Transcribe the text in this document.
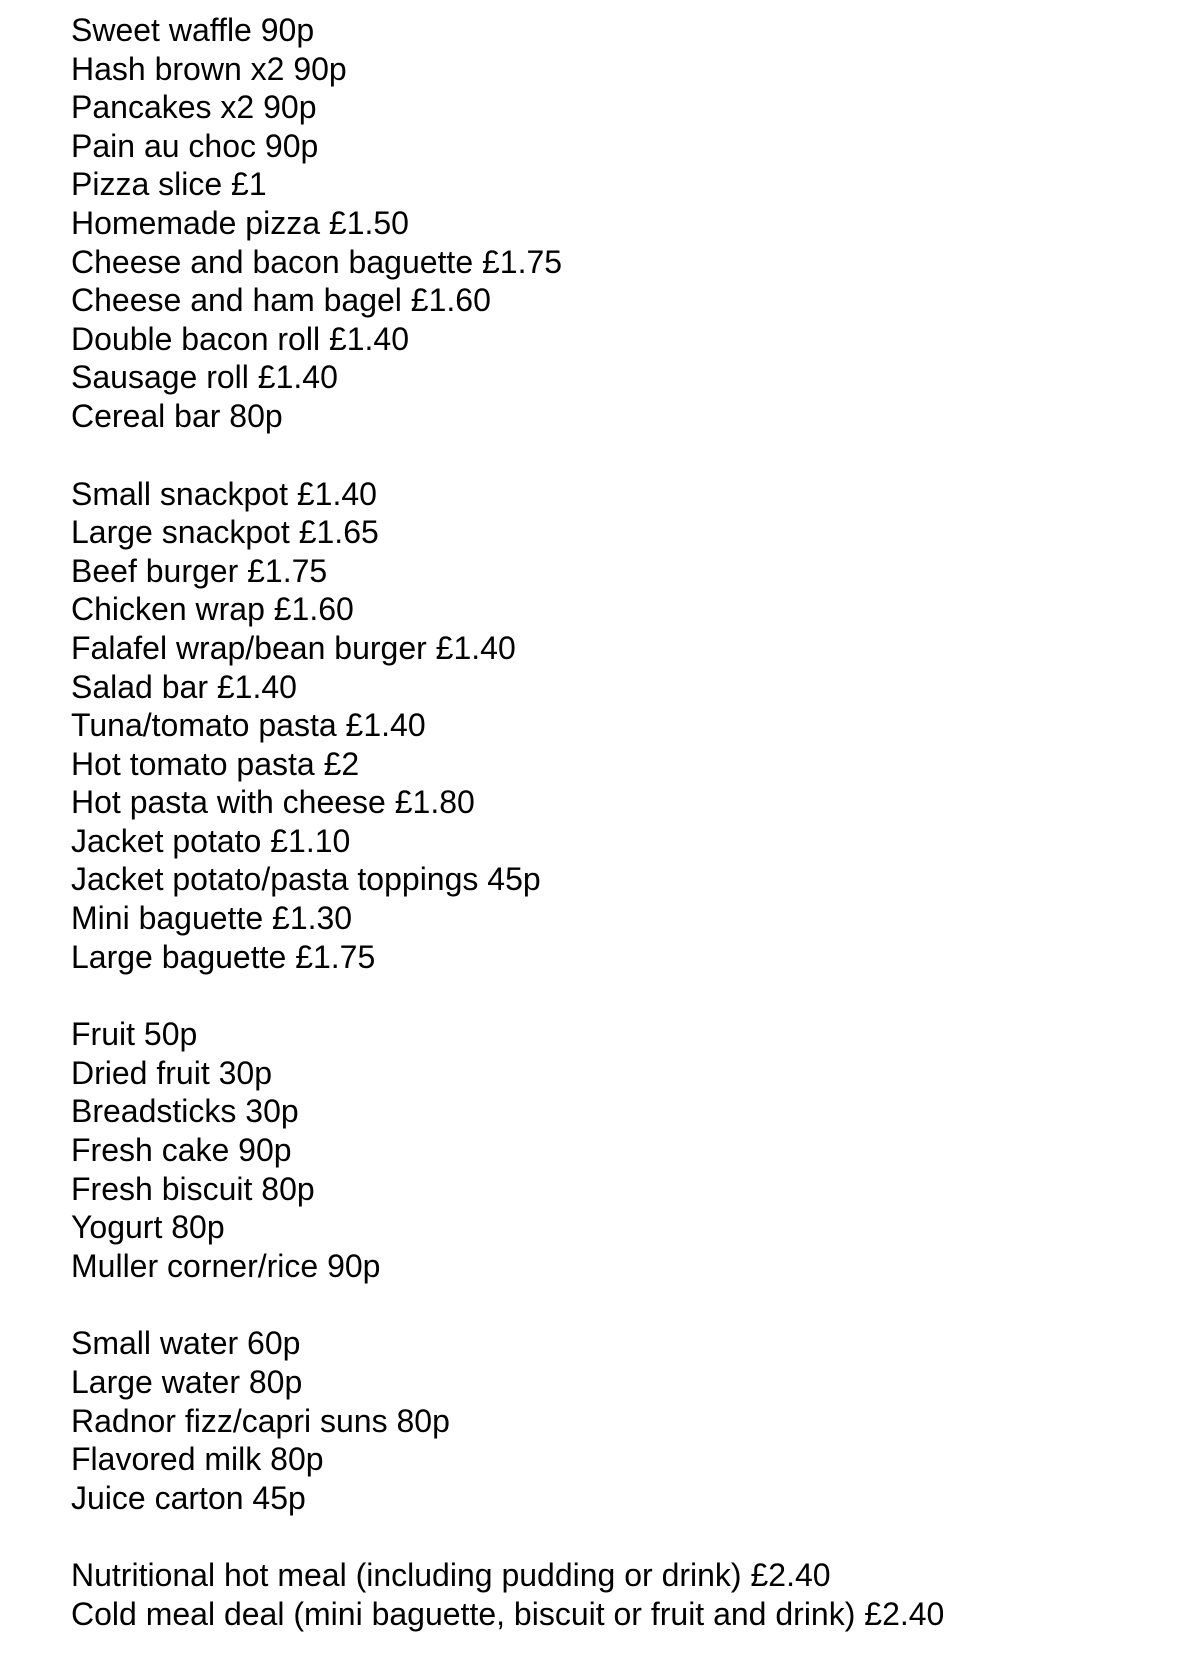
Sweet waffle 90p
Hash brown x2 90p
Pancakes x2 90p
Pain au choc 90p
Pizza slice £1
Homemade pizza £1.50
Cheese and bacon baguette £1.75
Cheese and ham bagel £1.60
Double bacon roll £1.40
Sausage roll £1.40
Cereal bar 80p
Small snackpot £1.40
Large snackpot £1.65
Beef burger £1.75
Chicken wrap £1.60
Falafel wrap/bean burger £1.40
Salad bar £1.40
Tuna/tomato pasta £1.40
Hot tomato pasta £2
Hot pasta with cheese £1.80
Jacket potato £1.10
Jacket potato/pasta toppings 45p
Mini baguette £1.30
Large baguette £1.75
Fruit 50p
Dried fruit 30p
Breadsticks 30p
Fresh cake 90p
Fresh biscuit 80p
Yogurt 80p
Muller corner/rice 90p
Small water 60p
Large water 80p
Radnor fizz/capri suns 80p
Flavored milk 80p
Juice carton 45p
Nutritional hot meal (including pudding or drink) £2.40
Cold meal deal (mini baguette, biscuit or fruit and drink) £2.40
